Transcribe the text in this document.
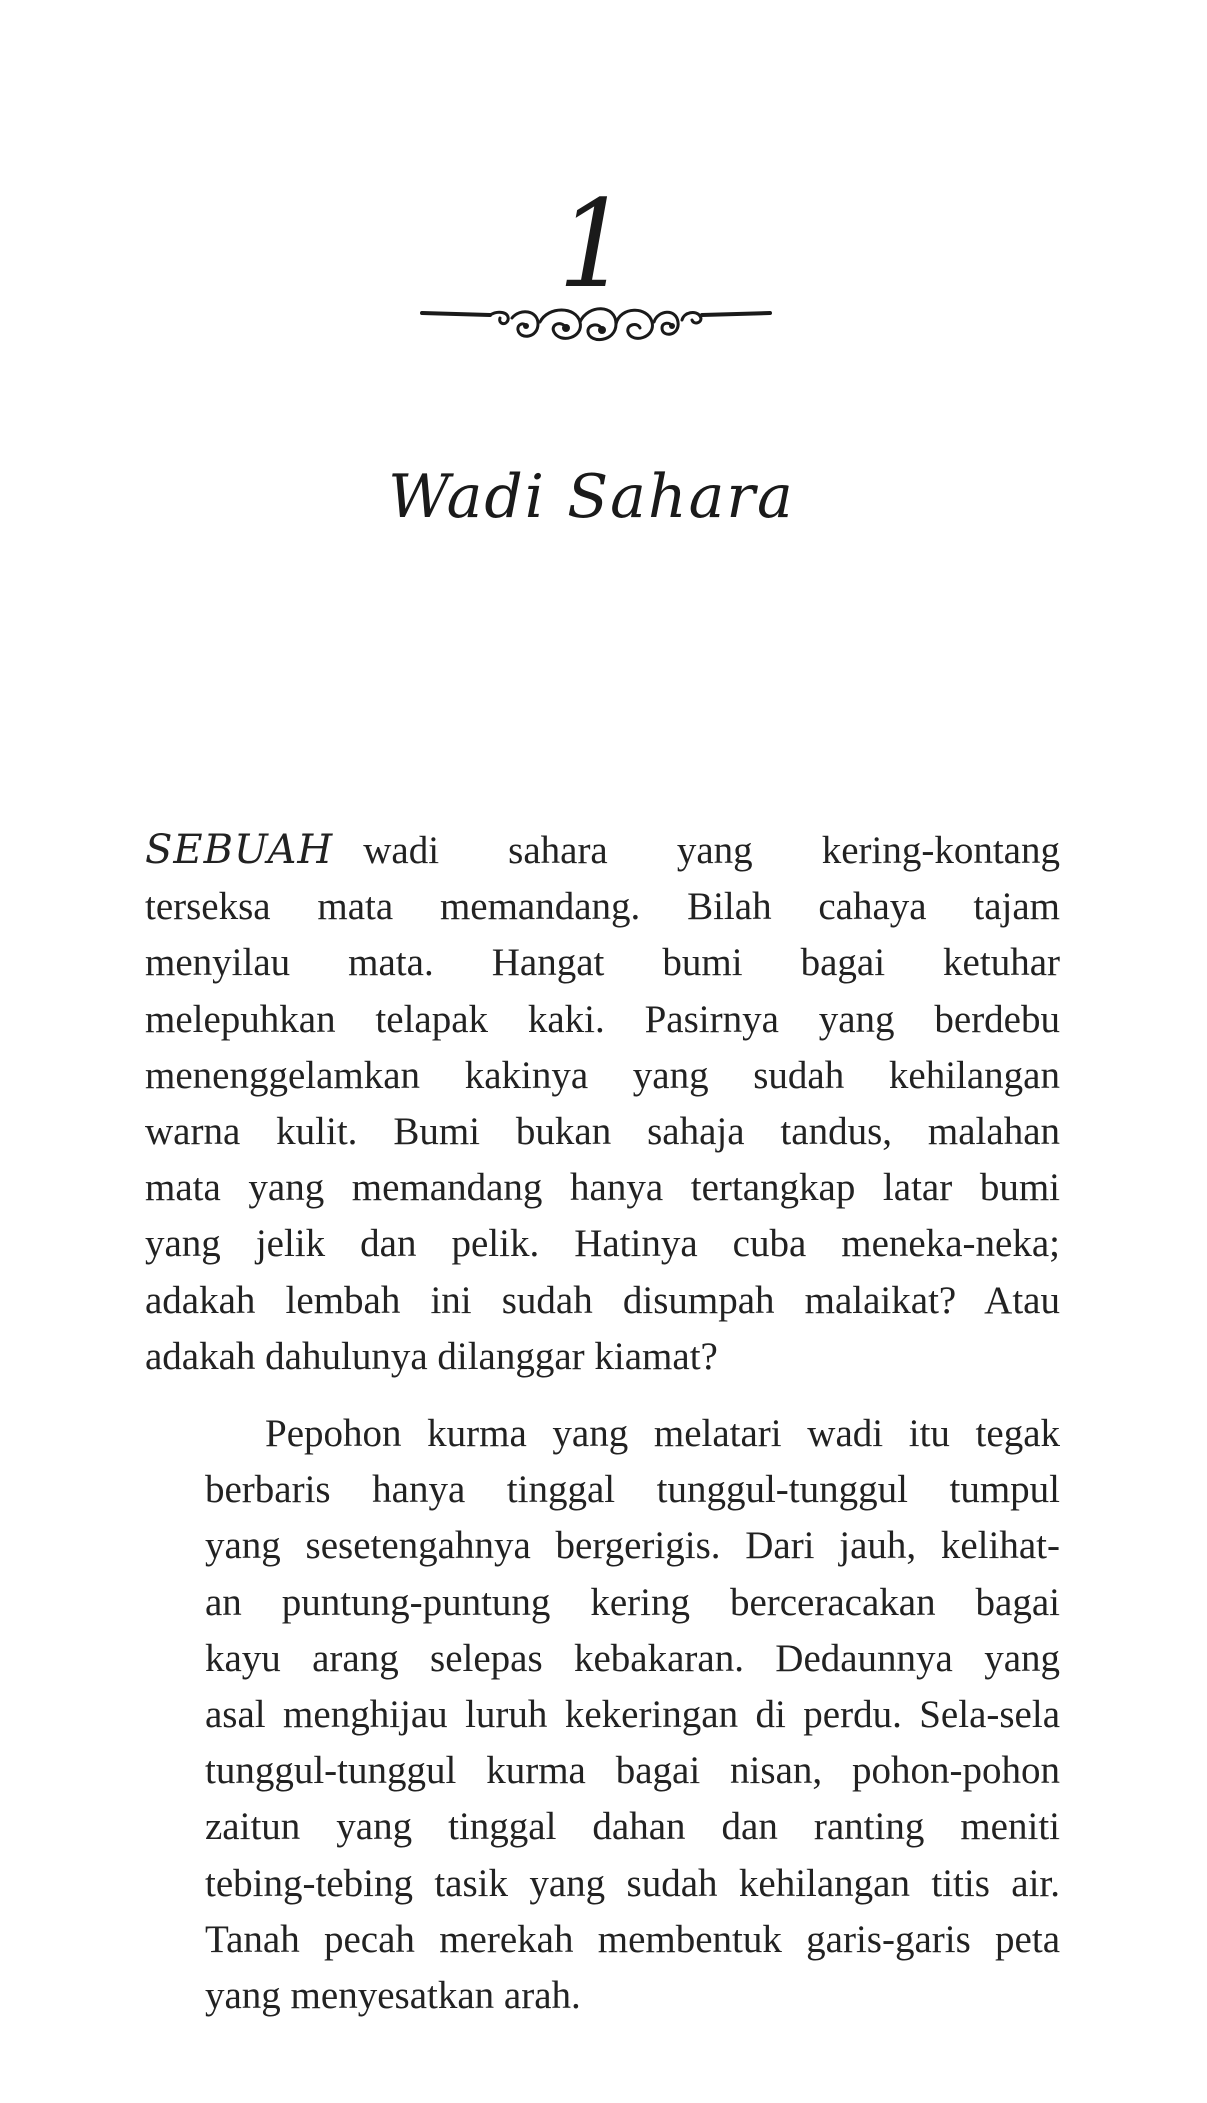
1
Wadi Sahara
SEBUAH wadi sahara yang kering-kontang
terseksa mata memandang. Bilah cahaya tajam
menyilau mata. Hangat bumi bagai ketuhar
melepuhkan telapak kaki. Pasirnya yang berdebu
menenggelamkan kakinya yang sudah kehilangan
warna kulit. Bumi bukan sahaja tandus, malahan
mata yang memandang hanya tertangkap latar bumi
yang jelik dan pelik. Hatinya cuba meneka-neka;
adakah lembah ini sudah disumpah malaikat? Atau
adakah dahulunya dilanggar kiamat?
Pepohon kurma yang melatari wadi itu tegak
berbaris hanya tinggal tunggul-tunggul tumpul
yang sesetengahnya bergerigis. Dari jauh, kelihat-
an puntung-puntung kering berceracakan bagai
kayu arang selepas kebakaran. Dedaunnya yang
asal menghijau luruh kekeringan di perdu. Sela-sela
tunggul-tunggul kurma bagai nisan, pohon-pohon
zaitun yang tinggal dahan dan ranting meniti
tebing-tebing tasik yang sudah kehilangan titis air.
Tanah pecah merekah membentuk garis-garis peta
yang menyesatkan arah.
